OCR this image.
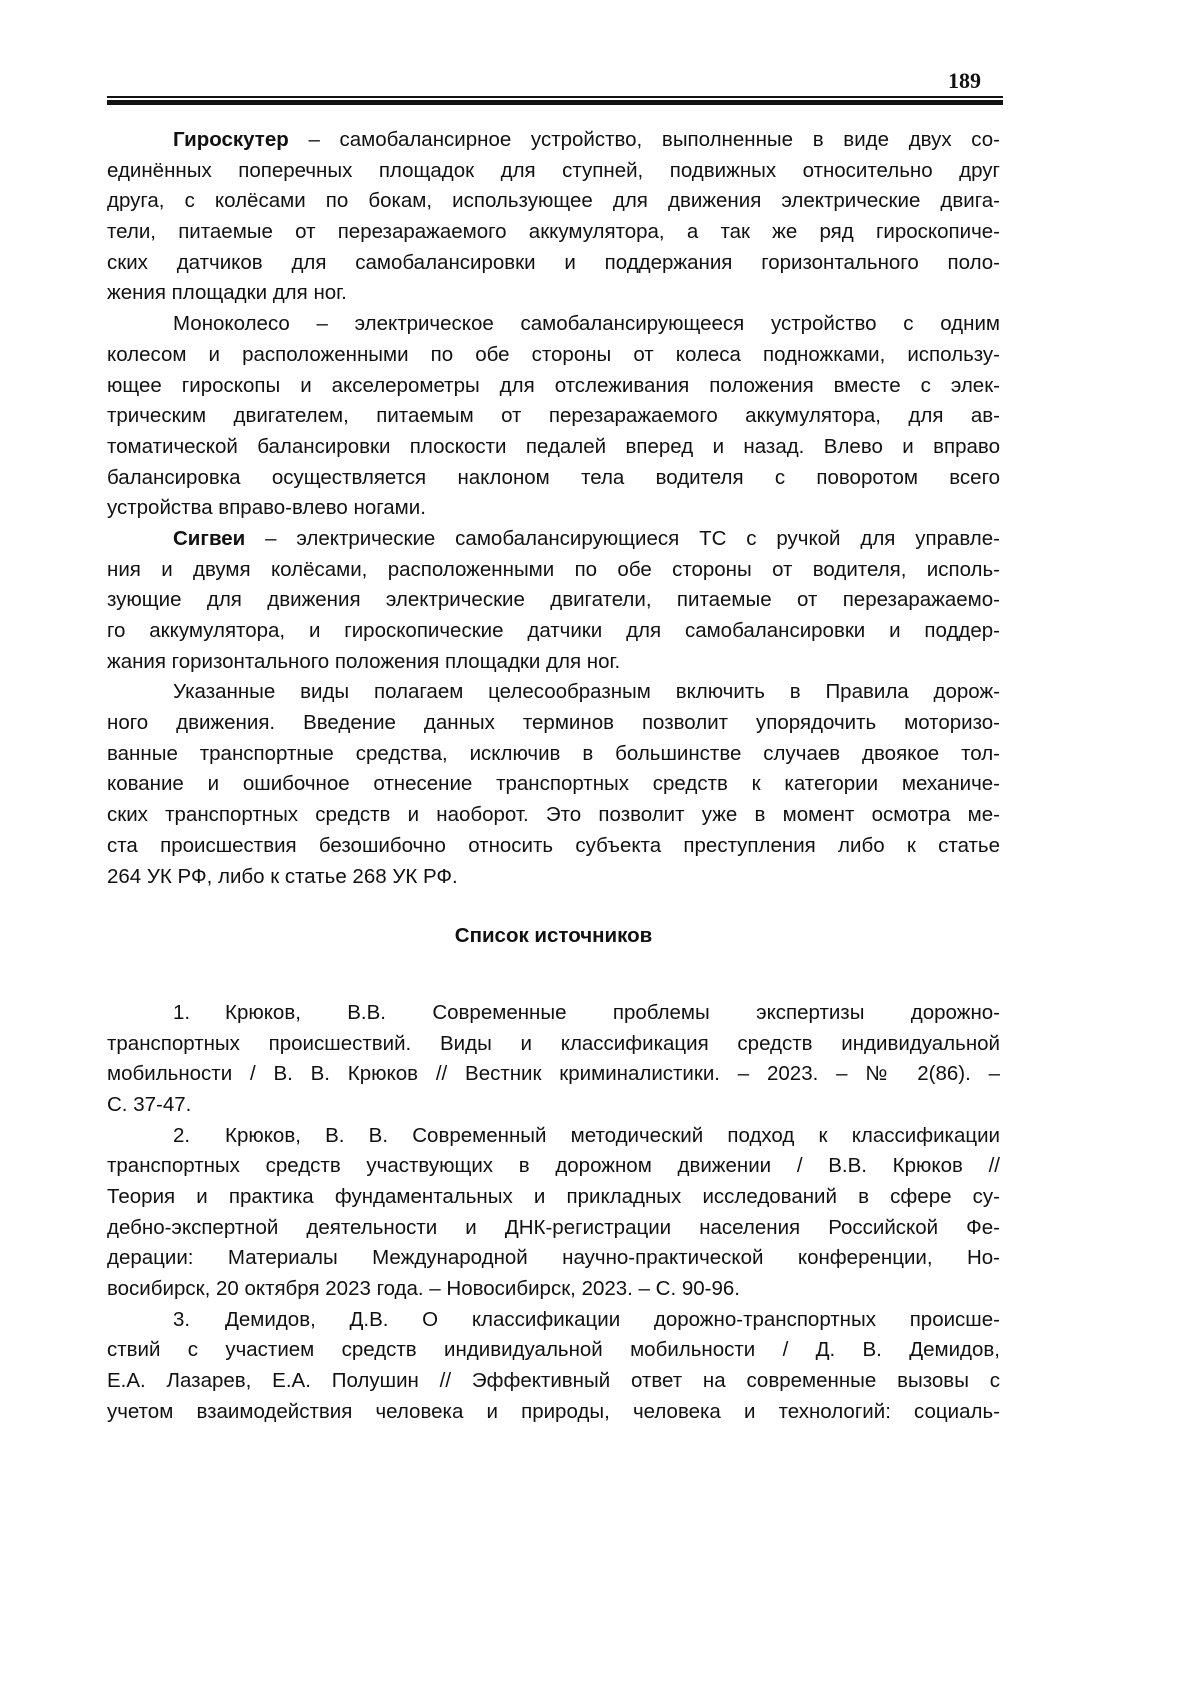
189
Гироскутер – самобалансирное устройство, выполненные в виде двух со-
единённых поперечных площадок для ступней, подвижных относительно друг
друга, с колёсами по бокам, использующее для движения электрические двига-
тели, питаемые от перезаражаемого аккумулятора, а так же ряд гироскопиче-
ских датчиков для самобалансировки и поддержания горизонтального поло-
жения площадки для ног.
Моноколесо – электрическое самобалансирующееся устройство с одним
колесом и расположенными по обе стороны от колеса подножками, использу-
ющее гироскопы и акселерометры для отслеживания положения вместе с элек-
трическим двигателем, питаемым от перезаражаемого аккумулятора, для ав-
томатической балансировки плоскости педалей вперед и назад. Влево и вправо
балансировка осуществляется наклоном тела водителя с поворотом всего
устройства вправо-влево ногами.
Сигвеи – электрические самобалансирующиеся ТС с ручкой для управле-
ния и двумя колёсами, расположенными по обе стороны от водителя, исполь-
зующие для движения электрические двигатели, питаемые от перезаражаемо-
го аккумулятора, и гироскопические датчики для самобалансировки и поддер-
жания горизонтального положения площадки для ног.
Указанные виды полагаем целесообразным включить в Правила дорож-
ного движения. Введение данных терминов позволит упорядочить моторизо-
ванные транспортные средства, исключив в большинстве случаев двоякое тол-
кование и ошибочное отнесение транспортных средств к категории механиче-
ских транспортных средств и наоборот. Это позволит уже в момент осмотра ме-
ста происшествия безошибочно относить субъекта преступления либо к статье
264 УК РФ, либо к статье 268 УК РФ.
Список источников
1. Крюков, В.В. Современные проблемы экспертизы дорожно-
транспортных происшествий. Виды и классификация средств индивидуальной
мобильности / В. В. Крюков // Вестник криминалистики. – 2023. – № 2(86). –
С. 37-47.
2. Крюков, В. В. Современный методический подход к классификации
транспортных средств участвующих в дорожном движении / В.В. Крюков //
Теория и практика фундаментальных и прикладных исследований в сфере су-
дебно-экспертной деятельности и ДНК-регистрации населения Российской Фе-
дерации: Материалы Международной научно-практической конференции, Но-
восибирск, 20 октября 2023 года. – Новосибирск, 2023. – С. 90-96.
3. Демидов, Д.В. О классификации дорожно-транспортных происше-
ствий с участием средств индивидуальной мобильности / Д. В. Демидов,
Е.А. Лазарев, Е.А. Полушин // Эффективный ответ на современные вызовы с
учетом взаимодействия человека и природы, человека и технологий: социаль-
